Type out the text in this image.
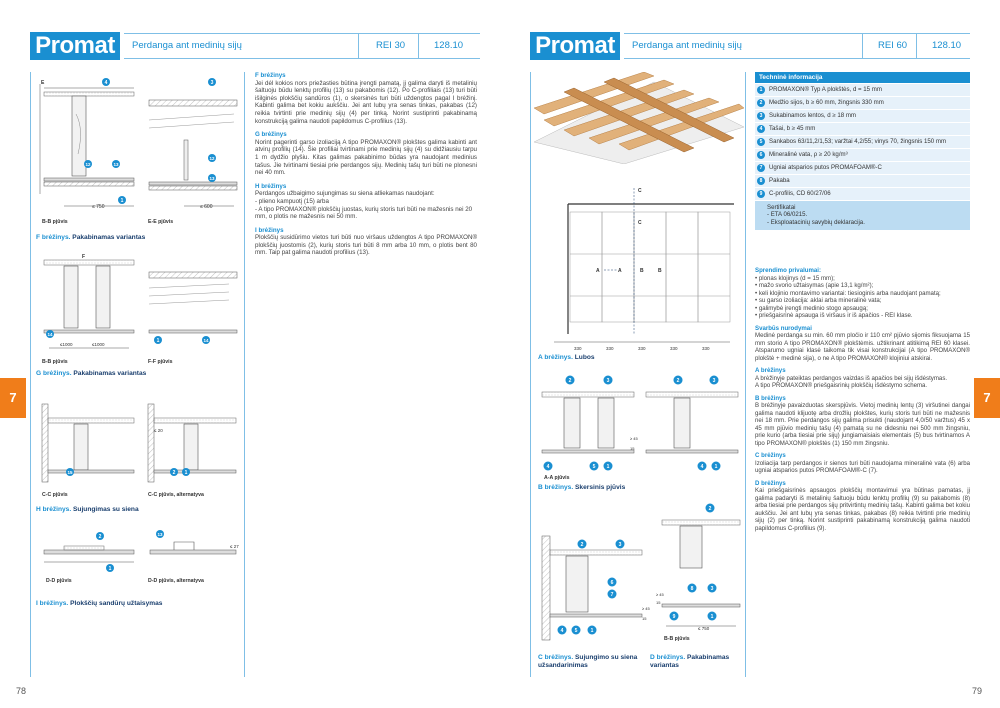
Promat	Perdanga ant medinių sijų	REI 30	128.10
7
78
F brėžinys

Jei dėl kokios nors priežasties būtina įrengti pamatą, jį galima daryti iš metalinių šaltuoju būdu lenktų profilių (13) su pakabomis (12). Po C-profiliais (13) turi būti išilginės plokščių sandūros (1), o skersinės turi būti uždengtos pagal I brėžinį. Kabinti galima bet kokiu aukščiu. Jei ant lubų yra senas tinkas, pakabas (12) reikia tvirtinti prie medinių sijų (4) per tinką. Norint sustiprinti pakabinamą konstrukciją galima naudoti papildomus C-profilius (13).

G brėžinys

Norint pagerinti garso izoliaciją A tipo PROMAXON® plokštes galima kabinti ant atvirų profilių (14). Šie profiliai tvirtinami prie medinių sijų (4) su didžiausiu tarpu 1 m dydžio plyšiu. Kitas galimas pakabinimo būdas yra naudojant medinius tašus. Jie tvirtinami tiesiai prie perdangos sijų. Medinių tašų turi būti ne plonesni nei 40 mm.

H brėžinys

Perdangos užbaigimo sujungimas su siena atliekamas naudojant:
- plieno kampuotį (15) arba
- A tipo PROMAXON® plokščių juostas, kurių storis turi būti ne mažesnis nei 20 mm, o plotis ne mažesnis nei 50 mm.

I brėžinys

Plokščių susidūrimo vietos turi būti nuo viršaus uždengtos A tipo PROMAXON® plokščių juostomis (2), kurių storis turi būti 8 mm arba 10 mm, o plotis bent 80 mm. Taip pat galima naudoti profilius (13).

E
≤ 750	≤ 600
4	3
12	13
12
13
1
B-B pjūvis	E-E pjūvis
F brėžinys. Pakabinamas variantas
F
≤1000	≤1000
14
1	14
B-B pjūvis	F-F pjūvis
G brėžinys. Pakabinamas variantas
≤ 20
15	2 1
C-C pjūvis	C-C pjūvis, alternatyva
H brėžinys. Sujungimas su siena
≤ 27
2
1
13
D-D pjūvis	D-D pjūvis, alternatyva
I brėžinys. Plokščių sandūrų užtaisymas
Promat	Perdanga ant medinių sijų	REI 60	128.10
7
79
C
C
A	A	B	B
330	330	330	330	330
A brėžinys. Lubos
≥ 45
15
2	3	2	3
4	5 1	4 1
A-A pjūvis
B brėžinys. Skersinis pjūvis
≥ 45
15
≥ 45
15
≤ 750
2	3
6
7
4 5	1
2
8	3
9	1
B-B pjūvis
C brėžinys. Sujungimo su siena užsandarinimas
D brėžinys. Pakabinamas variantas
Techninė informacija
1	PROMAXON® Typ A plokštės, d = 15 mm
2	Medžio sijos, b ≥ 60 mm, žingsnis 330 mm
3	Sukabinamos lentos, d ≥ 18 mm
4	Tašai, b ≥ 45 mm
5	Sankabos 63/11,2/1,53; varžtai 4,2/55; vinys 70, žingsnis 150 mm
6	Mineralinė vata, ρ ≥ 20 kg/m³
7	Ugniai atsparios putos PROMAFOAM®-C
8	Pakaba
9	C-profilis, CD 60/27/06
Sertifikatai
- ETA 06/0215.
- Eksploatacinių savybių deklaracija.
Sprendimo privalumai:

• plonas klojinys (d = 15 mm);
• mažo svorio užtaisymas (apie 13,1 kg/m²);
• keli klojinio montavimo variantai: tiesioginis arba naudojant pamatą;
• su garso izoliacija: aklai arba mineralinė vata;
• galimybė įrengti medinio stogo apsaugą;
• priešgaisrinė apsauga iš viršaus ir iš apačios - REI klase.

Svarbūs nurodymai

Medinė perdanga su min. 60 mm pločio ir 110 cm² pjūvio sijomis fiksuojama 15 mm storio A tipo PROMAXON® plokštėmis. užtikrinant atitikimą REI 60 klasei. Atsparumo ugniai klasė taikoma tik visai konstrukcijai (A tipo PROMAXON® plokštė + medinė sija), o ne A tipo PROMAXON® klojiniui atskirai.

A brėžinys

A brėžinyje pateiktas perdangos vaizdas iš apačios bei sijų išdėstymas.
A tipo PROMAXON® priešgaisrinių plokščių išdėstymo schema.

B brėžinys

B brėžinyje pavaizduotas skerspjūvis. Vietoj medinių lentų (3) viršutinei dangai galima naudoti klijuotę arba drožlių plokštes, kurių storis turi būti ne mažesnis nei 18 mm. Prie perdangos sijų galima prisukti (naudojant 4,0/50 varžtus) 45 x 45 mm pjūvio medinių tašų (4) pamatą su ne didesniu nei 500 mm žingsniu, prie kurio (arba tiesiai prie sijų) jungiamaisiais elementais (5) bus tvirtinamos A tipo PROMAXON® plokštės (1) 150 mm žingsniu.

C brėžinys

Izoliacija tarp perdangos ir sienos turi būti naudojama mineralinė vata (6) arba ugniai atsparios putos PROMAFOAM®-C (7).

D brėžinys

Kai priešgaisrinės apsaugos plokščių montavimui yra būtinas pamatas, jį galima padaryti iš metalinių šaltuoju būdu lenktų profilių (9) su pakabomis (8) arba tiesiai prie perdangos sijų pritvirtintų medinių tašų. Kabinti galima bet kokiu aukščiu. Jei ant lubų yra senas tinkas, pakabas (8) reikia tvirtinti prie medinių sijų (2) per tinką. Norint sustiprinti pakabinamą konstrukciją galima naudoti papildomus C-profilius (9).
